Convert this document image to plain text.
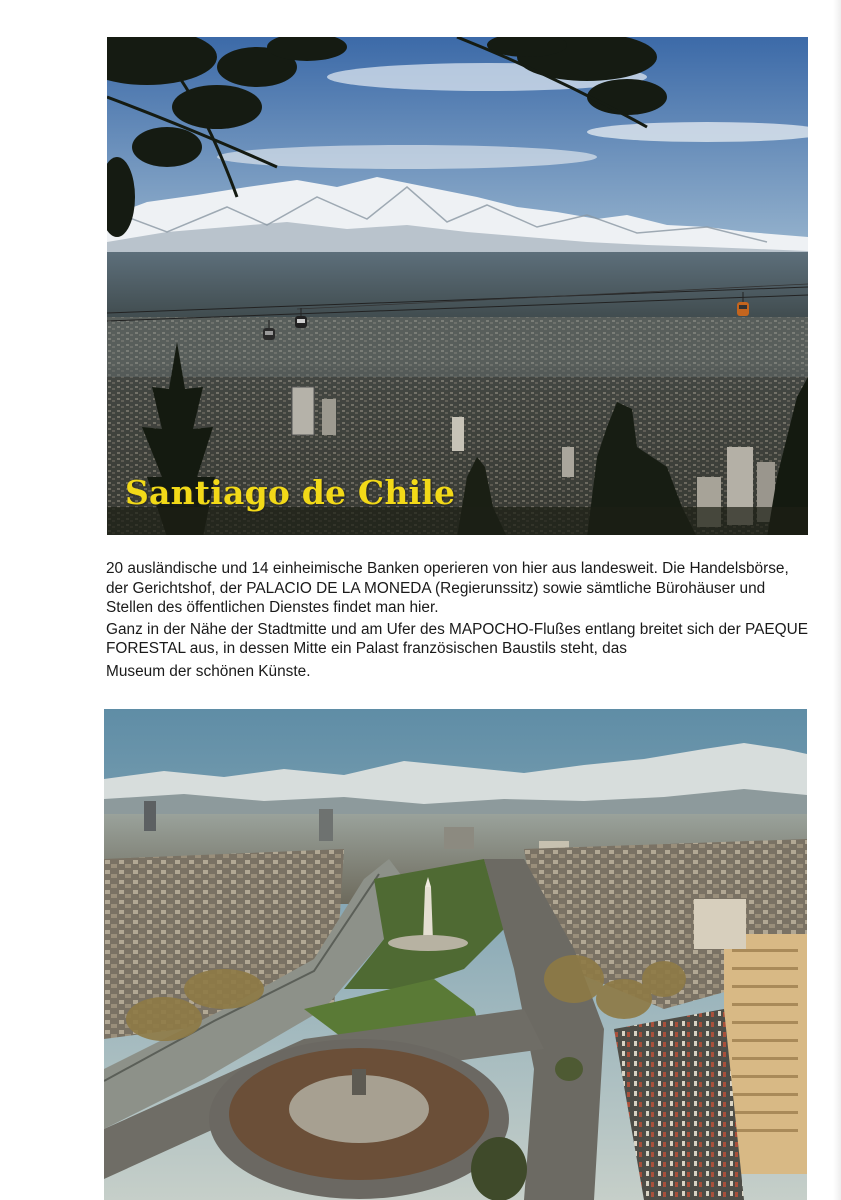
Santiago de Chile

20 ausländische und 14 einheimische Banken operieren von hier aus landesweit. Die Handelsbörse, der Gerichtshof, der PALACIO DE LA MONEDA (Regierunssitz) sowie sämtliche Bürohäuser und Stellen des öffentlichen Dienstes findet man hier.

Ganz in der Nähe der Stadtmitte und am Ufer des MAPOCHO-Flußes entlang breitet sich der PAEQUE FORESTAL aus, in dessen Mitte ein Palast französischen Baustils steht, das

Museum der schönen Künste.
